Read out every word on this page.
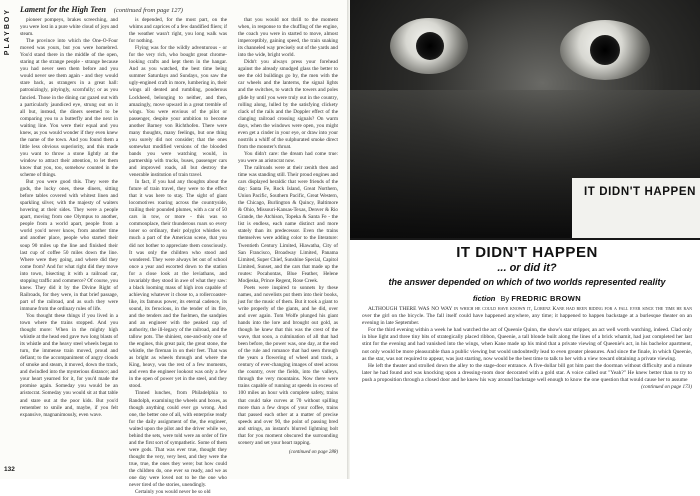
PLAYBOY Lament for the High Teen (continued from page 127)

pioneer pompeys, brakes screeching, and you were lost in a pure white cloud of joys and steam.

The province into which the One-O-Four moved was yours, but you were homebred. You'd stand there in the middle of the open, staring at the strange people - strange because you had never seen them before and you would never see them again - and they would stare back, as strangers in a great hall: patronizingly, pityingly, scornfully; or as you fancied. Those in the dining car gazed out with a particularly jaundiced eye, strung out on it all but, instead, the diners seemed to be comparing you to a butterfly and the next in waiting line. You were their equal and you knew, as you would wonder if they even knew the name of the town. And you found them a little less obvious superiority, and this made you want to throw a stone lightly at the window to attract their attention, to let them know that you, too, somehow counted in the scheme of things.

But you were good this. They were the gods, the lucky ones, these diners, sitting before tables covered with whitest linen and sparkling silver, with the majesty of waiters hovering at their sides. They were a people apart, moving from one Olympus to another, people from a world apart, people from a world you'd never know, from another time and another place, people who started their soup 90 miles up the line and finished their last cup of coffee 50 miles down the line. Where were they going, and where did they come from? And for what right did they move into town, bisecting it with a railroad car, stopping traffic and commerce? Of course, you knew. They did it by the Divine Right of Railroads, for they were, in that brief passage, part of the railroad, and as such they were immune from the ordinary rules of life.

You thought these things if you lived in a town where the trains stopped. And you thought more: When in the mighty high whistle at the head end gave two long blasts of its whistle and the heavy steel wheels began to turn, the immense train moved, proud and defiant; to the accompaniment of angry clouds of smoke and steam, it moved, down the track, and dwindled into the mysterious distance; and your heart yearned for it, for you'd made the promise again. Someday you would be an aristocrat. Someday you would sit at that table and stare out at the poor kids. But you'd remember to smile and, maybe, if you felt expansive, magnanimously, even wave.

is depended, for the most part, on the whims and caprices of a few dandified fliers; if the weather wasn't right, you long walk was for nothing.

Flying was for the wildly adventurous - or for the very rich, who bought great chrome-looking crafts and kept them in the hangar. And as you watched, the best time being summer Saturdays and Sundays, you saw the ugly-engined craft in more, lumbering in, their wings all dented and rumbling, ponderous Lockheed, belonging to neither, and then, amazingly, move upward in a great tremble of wings. You were envious of the pilot or passenger, despite your ambition to become another Barney von Richthofen. There were many thoughts, many feelings, but one thing you surely did not consider; that the ones somewhat modified versions of the blooded bands you were watching would, in partnership with trucks, buses, passenger cars and improved roads, all but destroy the venerable institution of train travel.

In fact, if you had any thoughts about the future of train travel, they were to the effect that it was here to stay. The sight of giant locomotives roaring across the countryside, trailing their pounded plumes, with a car of 50 cars in tow, or more - this was so commonplace, their thunderous roars so every loner so ordinary, their polyglot whistles so much a part of the American scene, that you did not bother to appreciate them consciously. It was only the children who stood and wondered. They were always let out of school once a year and escorted down to the station for a close look at the leviathans, and invariably they stood in awe of what they saw: a black looming mass of high iron capable of achieving whatever it chose to, a rollercoaster-like, its famous power, its eternal cadence, its sound, its ferocious, in the tender of its fire, and the tenders and the fuelmen, the sandpies and an engineer with the peaked cap of authority, the ill-legacy of the railroad, and the tallow pots. The shiniest, one-and-only one of the engines, this great pair, the great stone, the whistle, the fireman in on their feet. That was as bright as wheels through and where the King, heavy, was the rest of a few moments, and even the engineer lookout was only a few in the open of power yet in the steel, and they stood.

Tinned lunches, from Philadelphia to Randolph, examining the wheels and boxes, as though anything could ever go wrong. And one, the better one of all, with enterprise ready for the daily assignment of the, the engineer, waited upon the pilot and the driver while we, behind the sets, were told were an order of fire and the first sort of sympathetic. Some of them were gods. That was ever true, thought they thought the very, very best, and they were the true, true, the ones they were; but how could the children do, one ever so ready, and we as one day were loved not to be the one who never tired of the stories, unendingly.

Certainly you would never be so old

that you would not thrill to the moment when, in response to the chuffing of the engine, the coach you were in started to move, almost imperceptibly, gaining speed, the train snaking its channeled way precisely out of the yards and into the wide, bright world.

Didn't you always press your forehead against the already smudged glass the better to see the old buildings go by, the men with the car wheels and the lanterns, the signal lights and the switches, to watch the towers and poles glide by until you were truly out in the country, rolling along, lulled by the satisfying clickety clack of the rails and the Doppler effect of the clanging railroad crossing signals? On warm days, when the windows were open, you might even get a cinder in your eye, or draw into your nostrils a whiff of the sulphurated smoke direct from the monster's throat.

You didn't care: the dream had come true: you were an aristocrat now.

The railroads were at their zenith then and time was standing still. Their proud engines and cars displayed heraldic that were friends of the day: Santa Fe, Rock Island, Great Northern, Union Pacific, Southern Pacific, Great Western, the Chicago, Burlington & Quincy, Baltimore & Ohio, Missouri-Kansas-Texas, Denver & Rio Grande, the Atchison, Topeka & Santa Fe - the list is endless, each name distinct and more stately than its predecessor. Even the trains themselves were adding color to the literature: Twentieth Century Limited, Hiawatha, City of San Francisco, Broadway Limited, Panama Limited, Super Chief, Sunshine Special, Capitol Limited, Sunset, and the cars that made up the routes: Pocahontas, Blue Feather, Helene Modjeska, Prince Regent, Rose Creek.

Poets were inspired to sonnets by these names, and novelists put them into their books, just for the music of them. But it took a giant to write properly of the giants, and he did, over and over again. Tom Wolfe plunged his giant hands into the lore and brought out gold, as though he knew that this was the crest of the wave, that soon, a culmination of all that had been before, the power was, one day, at the end of the rule and romance that had seen through the years a flowering of wheel and track, a century of ever-changing images of steel across the country, over the fields, into the valleys, through the very mountains. Now there were trains capable of running at speeds in excess of 100 miles an hour with complete safety, trains that could take curves at 70 without spilling more than a few drops of your coffee, trains that passed each other at a matter of precise speeds and over 90, the point of passing bred and strings, an instant's blurred lightning bolt that for you moment obscured the surrounding scenery and set your heart rapping.

(continued on page 288)
132
IT DIDN'T HAPPEN
IT DIDN'T HAPPEN
... or did it?
the answer depended on which of two worlds represented reality
fiction By FREDRIC BROWN

ALTHOUGH THERE WAS NO WAY in which he could have known it, Lorenz Kane had been riding for a fall ever since the time he ran over the girl on the bicycle. The fall itself could have happened anywhere, any time; it happened to happen backstage at a burlesque theater on an evening in late September.

For the third evening within a week he had watched the act of Queenie Quinn, the show's star stripper, an act well worth watching, indeed. Clad only in blue light and three tiny bits of strategically placed ribbon, Queenie, a tall blonde built along the lines of a brick whamit, had just completed her last stint for the evening and had vanished into the wings, when Kane made up his mind that a private viewing of Queenie's act, in his bachelor apartment, not only would be more pleasurable than a public viewing but would undoubtedly lead to even greater pleasures. And since the finale, in which Queenie, as the star, was not required to appear, was just starting, now would be the best time to talk to her with a view toward obtaining a private viewing.

He left the theater and strolled down the alley to the stage-door entrance. A five-dollar bill got him past the doorman without difficulty and a minute later he had found and was knocking upon a dressing-room door decorated with a gold star. A voice called out "Yeah?" He knew better than to try to push a proposition through a closed door and he knew his way around backstage well enough to know the one question that would cause her to assume

(continued on page 173)
